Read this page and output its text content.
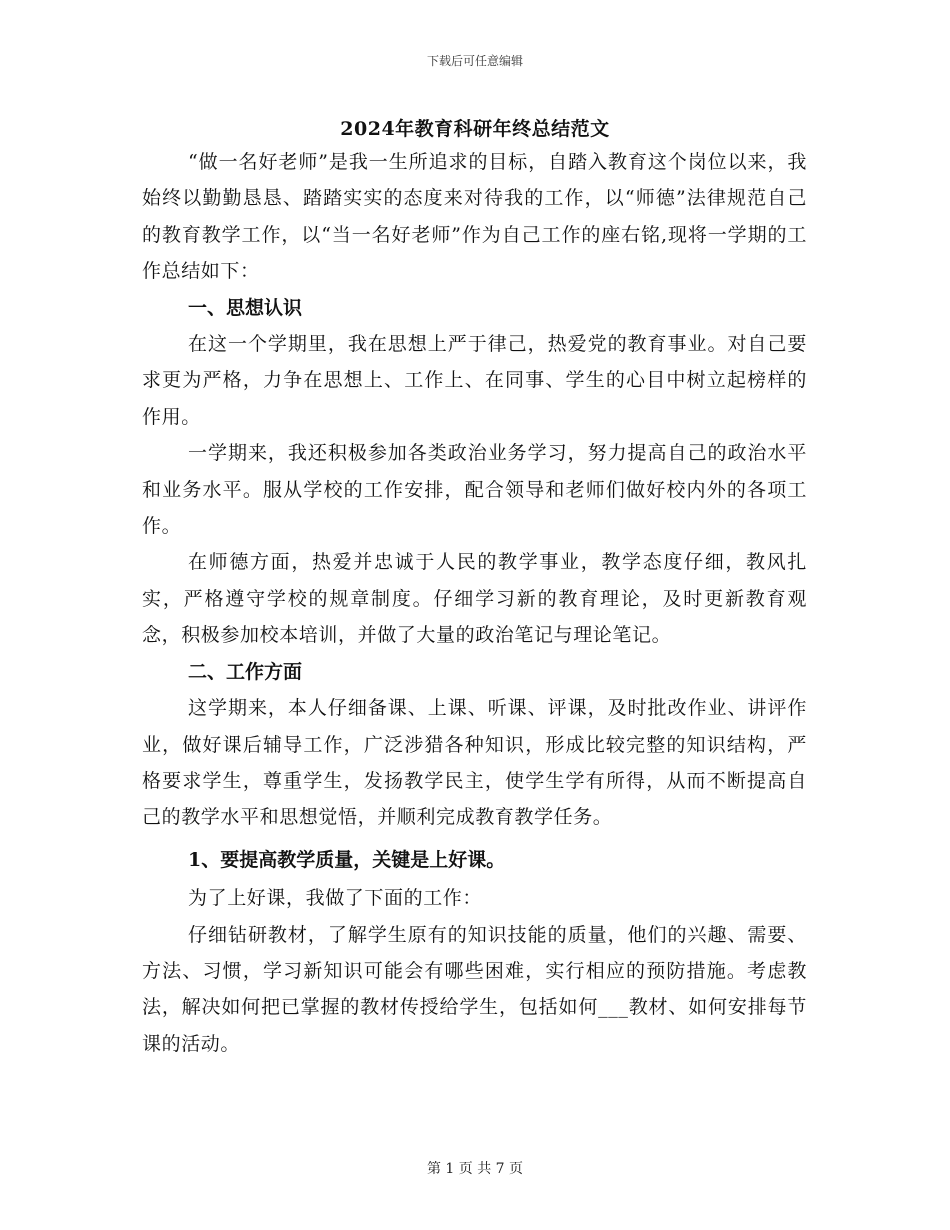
下载后可任意编辑
2024年教育科研年终总结范文

“做一名好老师”是我一生所追求的目标，自踏入教育这个岗位以来，我始终以勤勤恳恳、踏踏实实的态度来对待我的工作，以“师德”法律规范自己的教育教学工作，以“当一名好老师”作为自己工作的座右铭,现将一学期的工作总结如下：

一、思想认识

在这一个学期里，我在思想上严于律己，热爱党的教育事业。对自己要求更为严格，力争在思想上、工作上、在同事、学生的心目中树立起榜样的作用。

一学期来，我还积极参加各类政治业务学习，努力提高自己的政治水平和业务水平。服从学校的工作安排，配合领导和老师们做好校内外的各项工作。

在师德方面，热爱并忠诚于人民的教学事业，教学态度仔细，教风扎实，严格遵守学校的规章制度。仔细学习新的教育理论，及时更新教育观念，积极参加校本培训，并做了大量的政治笔记与理论笔记。

二、工作方面

这学期来，本人仔细备课、上课、听课、评课，及时批改作业、讲评作业，做好课后辅导工作，广泛涉猎各种知识，形成比较完整的知识结构，严格要求学生，尊重学生，发扬教学民主，使学生学有所得，从而不断提高自己的教学水平和思想觉悟，并顺利完成教育教学任务。

1、要提高教学质量，关键是上好课。

为了上好课，我做了下面的工作：

仔细钻研教材，了解学生原有的知识技能的质量，他们的兴趣、需要、方法、习惯，学习新知识可能会有哪些困难，实行相应的预防措施。考虑教法，解决如何把已掌握的教材传授给学生，包括如何___教材、如何安排每节课的活动。

第 1 页 共 7 页
